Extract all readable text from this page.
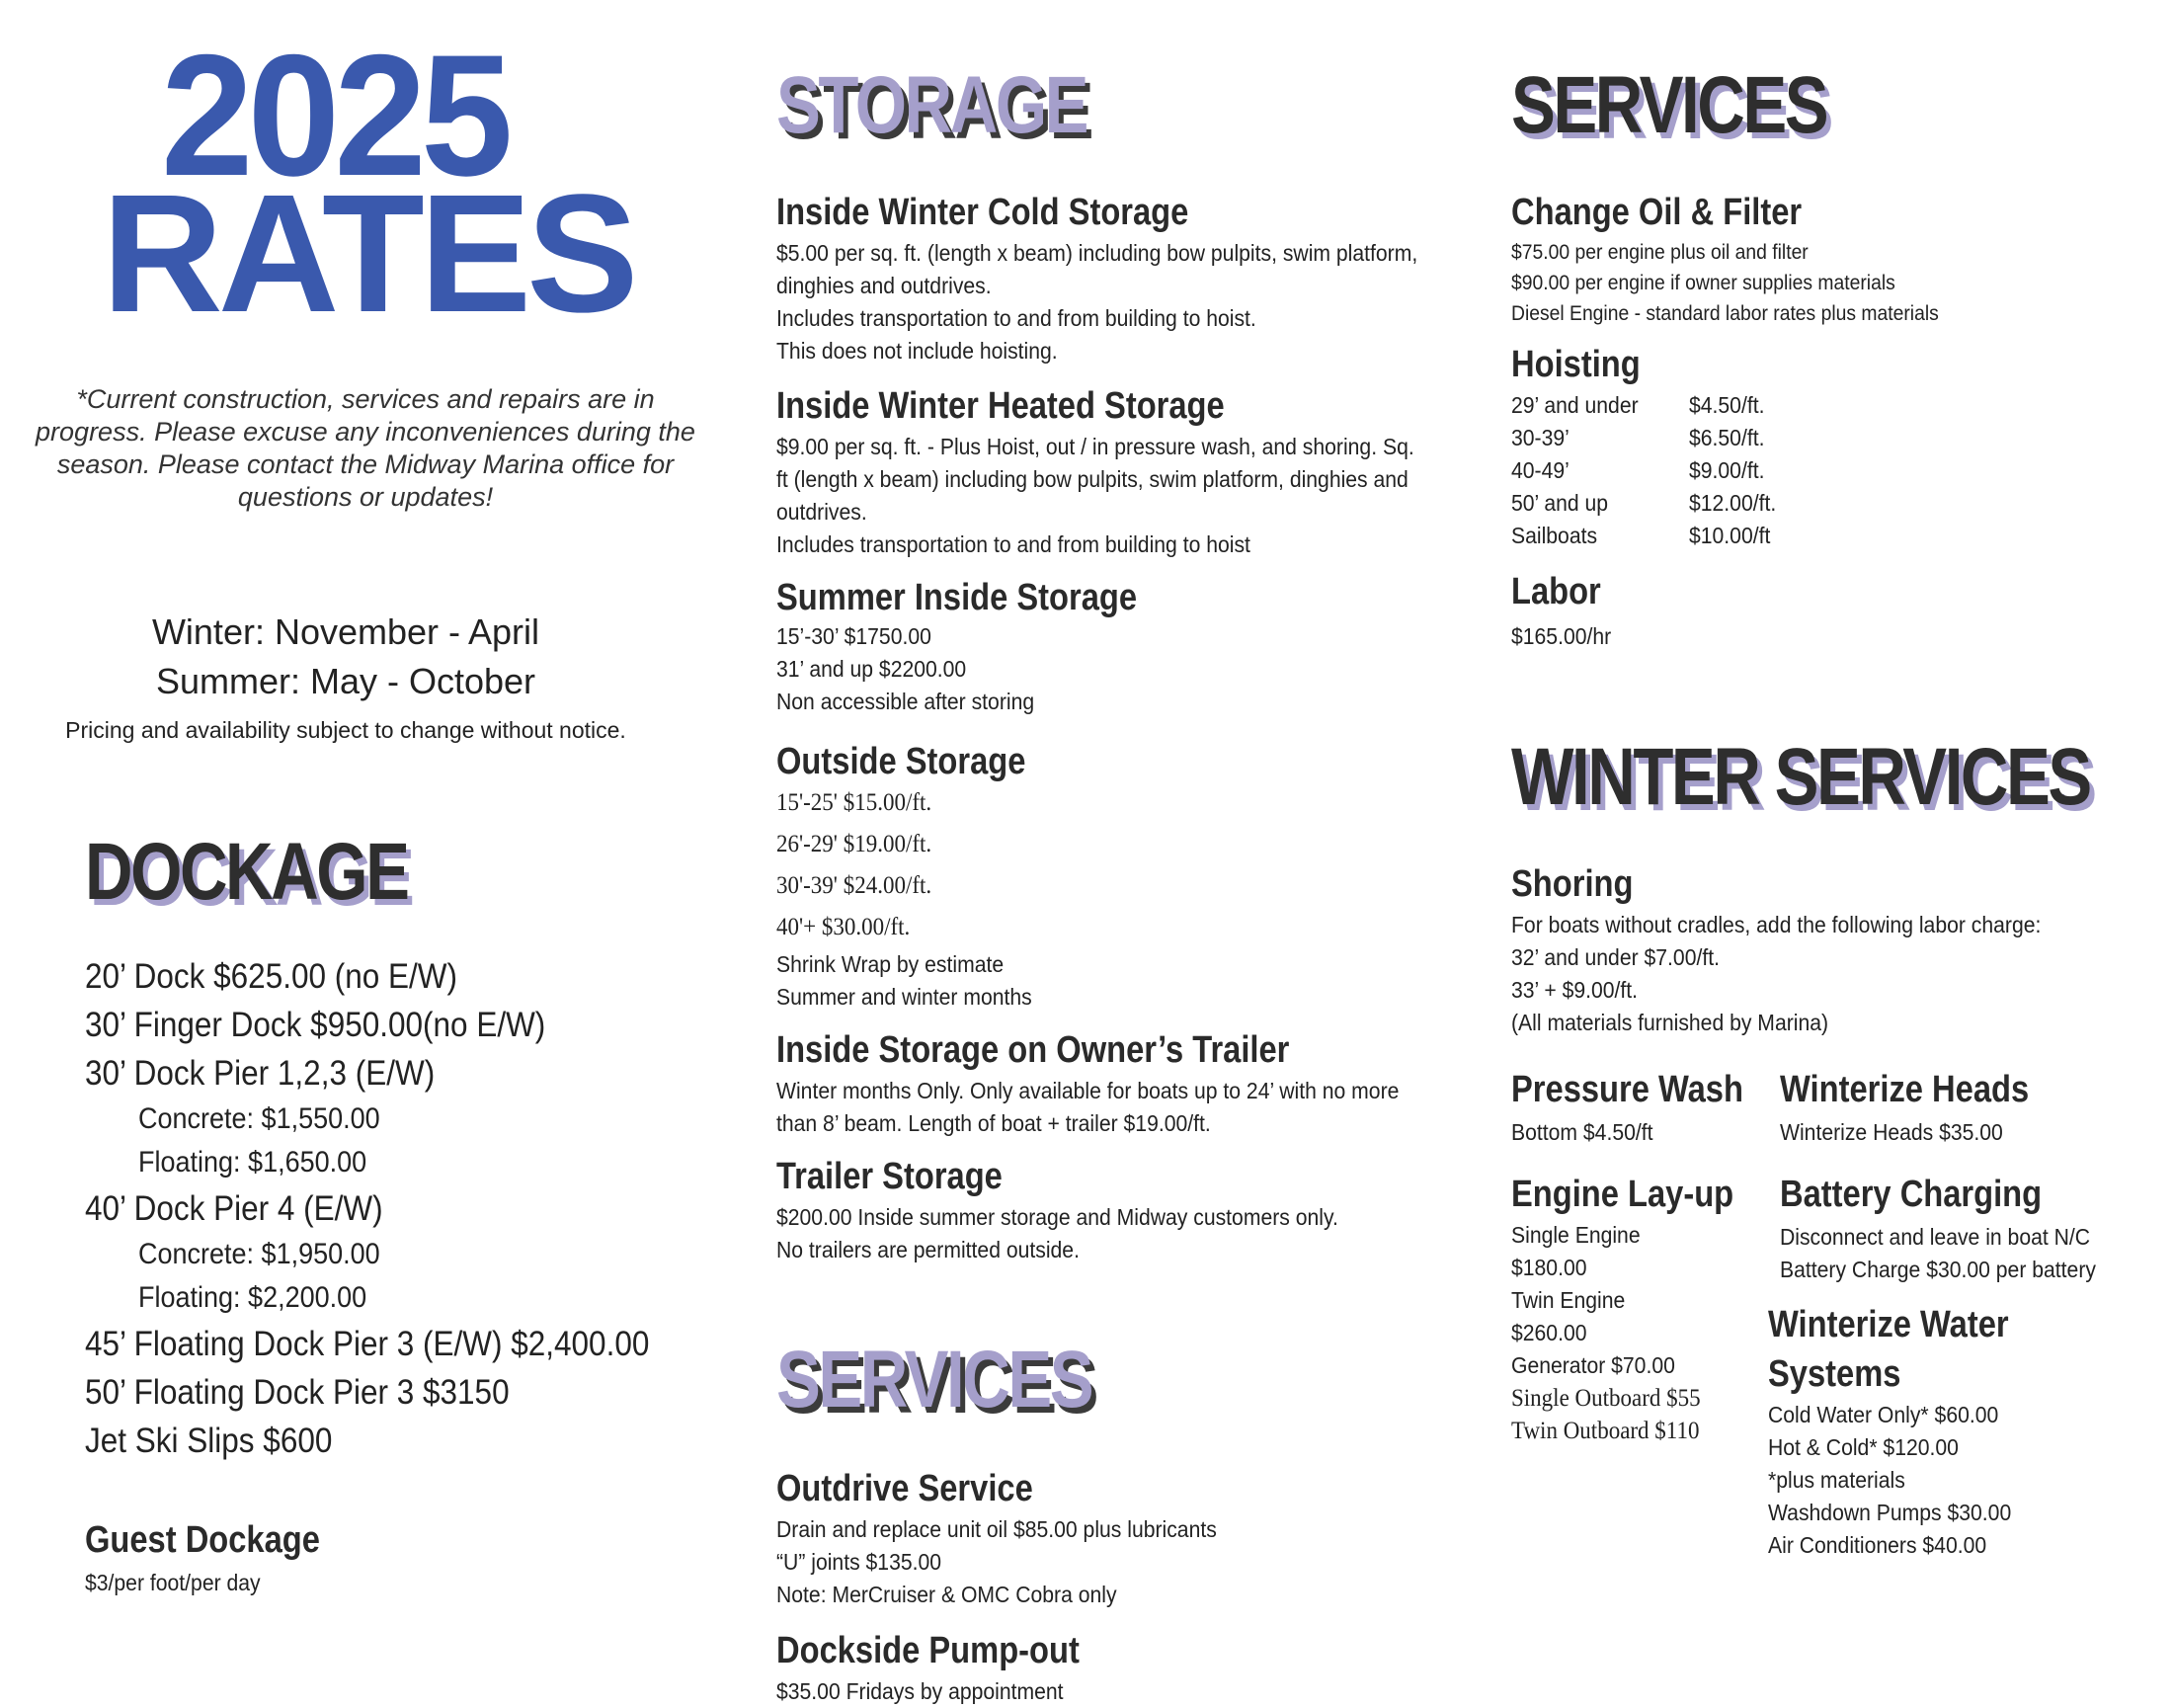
2025
RATES
*Current construction, services and repairs are in progress. Please excuse any inconveniences during the season. Please contact the Midway Marina office for questions or updates!
Winter: November - April
Summer: May - October
Pricing and availability subject to change without notice.
DOCKAGE

20’ Dock $625.00 (no E/W)

30’ Finger Dock $950.00(no E/W)

30’ Dock Pier 1,2,3 (E/W)

Concrete: $1,550.00

Floating: $1,650.00

40’ Dock Pier 4 (E/W)

Concrete: $1,950.00

Floating: $2,200.00

45’ Floating Dock Pier 3 (E/W) $2,400.00

50’ Floating Dock Pier 3 $3150

Jet Ski Slips $600

Guest Dockage

$3/per foot/per day

STORAGE

Inside Winter Cold Storage

$5.00 per sq. ft. (length x beam) including bow pulpits, swim platform,

dinghies and outdrives.

Includes transportation to and from building to hoist.

This does not include hoisting.

Inside Winter Heated Storage

$9.00 per sq. ft. - Plus Hoist, out / in pressure wash, and shoring. Sq.

ft (length x beam) including bow pulpits, swim platform, dinghies and

outdrives.

Includes transportation to and from building to hoist

Summer Inside Storage

15’-30’ $1750.00

31’ and up $2200.00

Non accessible after storing

Outside Storage

15'-25' $15.00/ft.

26'-29' $19.00/ft.

30'-39' $24.00/ft.

40'+ $30.00/ft.

Shrink Wrap by estimate

Summer and winter months

Inside Storage on Owner’s Trailer

Winter months Only. Only available for boats up to 24’ with no more

than 8’ beam. Length of boat + trailer $19.00/ft.

Trailer Storage

$200.00 Inside summer storage and Midway customers only.

No trailers are permitted outside.

SERVICES

Outdrive Service

Drain and replace unit oil $85.00 plus lubricants

“U” joints $135.00

Note: MerCruiser & OMC Cobra only

Dockside Pump-out

$35.00 Fridays by appointment

SERVICES

Change Oil & Filter

$75.00 per engine plus oil and filter

$90.00 per engine if owner supplies materials

Diesel Engine - standard labor rates plus materials

Hoisting

29’ and under	$4.50/ft.
30-39’	$6.50/ft.
40-49’	$9.00/ft.
50’ and up	$12.00/ft.
Sailboats	$10.00/ft

Labor

$165.00/hr

WINTER SERVICES

Shoring

For boats without cradles, add the following labor charge:

32’ and under $7.00/ft.

33’ + $9.00/ft.

(All materials furnished by Marina)

Pressure Wash

Bottom $4.50/ft

Winterize Heads

Winterize Heads $35.00

Engine Lay-up

Single Engine

$180.00

Twin Engine

$260.00

Generator $70.00

Single Outboard $55

Twin Outboard $110

Battery Charging

Disconnect and leave in boat N/C

Battery Charge $30.00 per battery

Winterize Water

Systems

Cold Water Only* $60.00

Hot & Cold* $120.00

*plus materials

Washdown Pumps $30.00

Air Conditioners $40.00
